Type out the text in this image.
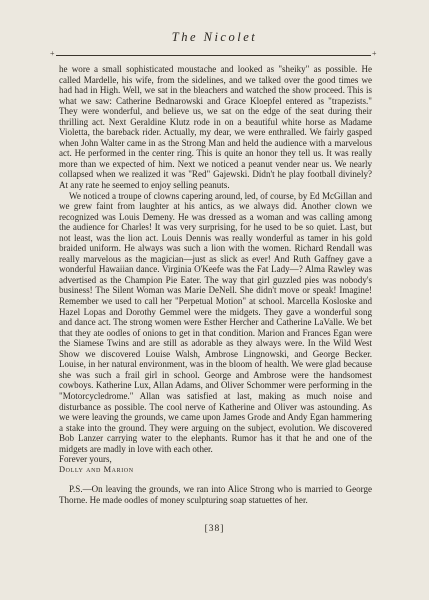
The Nicolet
+	+

he wore a small sophisticated moustache and looked as "sheiky" as possible. He called Mardelle, his wife, from the sidelines, and we talked over the good times we had had in High. Well, we sat in the bleachers and watched the show proceed. This is what we saw: Catherine Bednarowski and Grace Kloepfel entered as "trapezists." They were wonderful, and believe us, we sat on the edge of the seat during their thrilling act. Next Geraldine Klutz rode in on a beautiful white horse as Madame Violetta, the bareback rider. Actually, my dear, we were enthralled. We fairly gasped when John Walter came in as the Strong Man and held the audience with a marvelous act. He performed in the center ring. This is quite an honor they tell us. It was really more than we expected of him. Next we noticed a peanut vender near us. We nearly collapsed when we realized it was "Red" Gajewski. Didn't he play football divinely? At any rate he seemed to enjoy selling peanuts.

We noticed a troupe of clowns capering around, led, of course, by Ed McGillan and we grew faint from laughter at his antics, as we always did. Another clown we recognized was Louis Demeny. He was dressed as a woman and was calling among the audience for Charles! It was very surprising, for he used to be so quiet. Last, but not least, was the lion act. Louis Dennis was really wonderful as tamer in his gold braided uniform. He always was such a lion with the women. Richard Rendall was really marvelous as the magician—just as slick as ever! And Ruth Gaffney gave a wonderful Hawaiian dance. Virginia O'Keefe was the Fat Lady—? Alma Rawley was advertised as the Champion Pie Eater. The way that girl guzzled pies was nobody's business! The Silent Woman was Marie DeNell. She didn't move or speak! Imagine! Remember we used to call her "Perpetual Motion" at school. Marcella Kosloske and Hazel Lopas and Dorothy Gemmel were the midgets. They gave a wonderful song and dance act. The strong women were Esther Hercher and Catherine LaValle. We bet that they ate oodles of onions to get in that condition. Marion and Frances Egan were the Siamese Twins and are still as adorable as they always were. In the Wild West Show we discovered Louise Walsh, Ambrose Lingnowski, and George Becker. Louise, in her natural environment, was in the bloom of health. We were glad because she was such a frail girl in school. George and Ambrose were the handsomest cowboys. Katherine Lux, Allan Adams, and Oliver Schommer were performing in the "Motorcycledrome." Allan was satisfied at last, making as much noise and disturbance as possible. The cool nerve of Katherine and Oliver was astounding. As we were leaving the grounds, we came upon James Grode and Andy Egan hammering a stake into the ground. They were arguing on the subject, evolution. We discovered Bob Lanzer carrying water to the elephants. Rumor has it that he and one of the midgets are madly in love with each other.

Forever yours,

Dolly and Marion

P.S.—On leaving the grounds, we ran into Alice Strong who is married to George Thorne. He made oodles of money sculpturing soap statuettes of her.

[38]
